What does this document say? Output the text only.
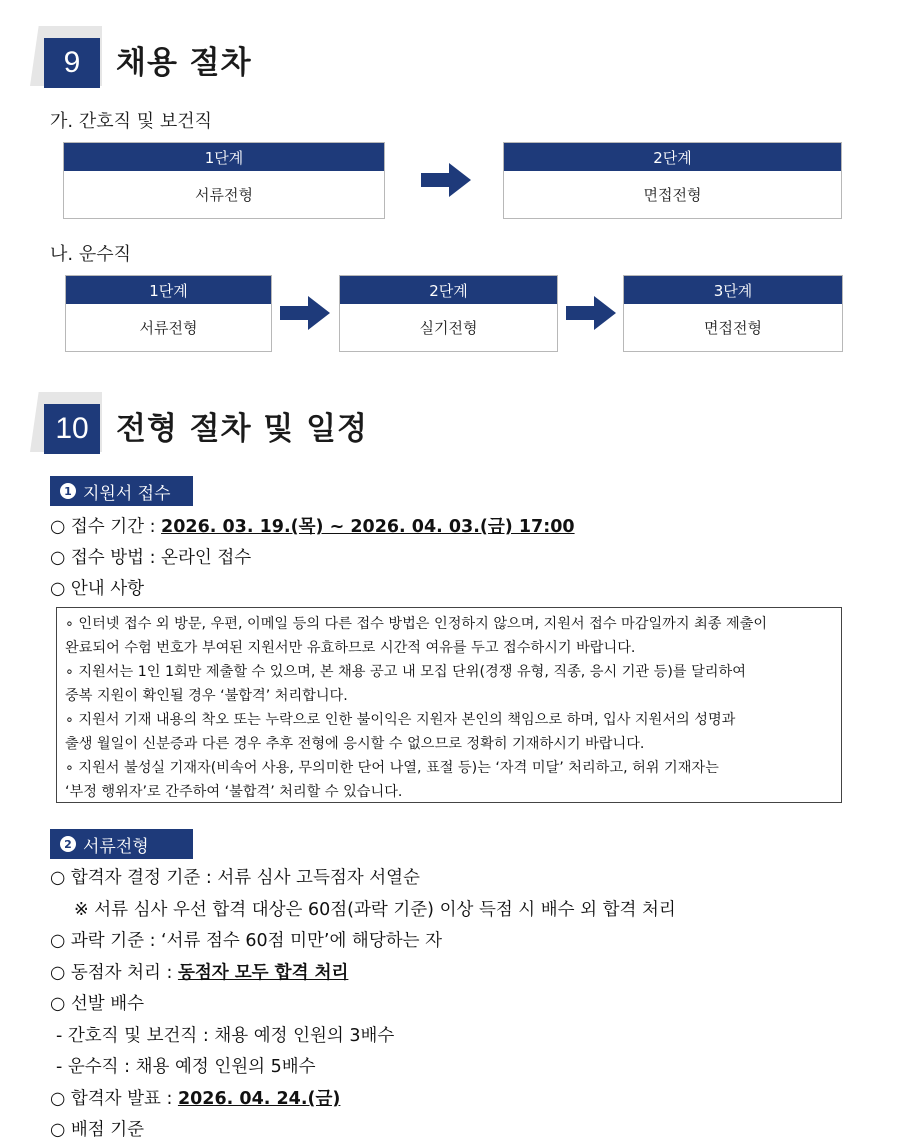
9	채용 절차
가. 간호직 및 보건직
1단계
서류전형
2단계
면접전형
나. 운수직
1단계
서류전형
2단계
실기전형
3단계
면접전형
10 전형 절차 및 일정
1 지원서 접수
○ 접수 기간 : 2026. 03. 19.(목) ~ 2026. 04. 03.(금) 17:00
○ 접수 방법 : 온라인 접수
○ 안내 사항
∘ 인터넷 접수 외 방문, 우편, 이메일 등의 다른 접수 방법은 인정하지 않으며, 지원서 접수 마감일까지 최종 제출이
완료되어 수험 번호가 부여된 지원서만 유효하므로 시간적 여유를 두고 접수하시기 바랍니다.
∘ 지원서는 1인 1회만 제출할 수 있으며, 본 채용 공고 내 모집 단위(경쟁 유형, 직종, 응시 기관 등)를 달리하여
중복 지원이 확인될 경우 ‘불합격’ 처리합니다.
∘ 지원서 기재 내용의 착오 또는 누락으로 인한 불이익은 지원자 본인의 책임으로 하며, 입사 지원서의 성명과
출생 월일이 신분증과 다른 경우 추후 전형에 응시할 수 없으므로 정확히 기재하시기 바랍니다.
∘ 지원서 불성실 기재자(비속어 사용, 무의미한 단어 나열, 표절 등)는 ‘자격 미달’ 처리하고, 허위 기재자는
‘부정 행위자’로 간주하여 ‘불합격’ 처리할 수 있습니다.
2 서류전형
○ 합격자 결정 기준 : 서류 심사 고득점자 서열순
※ 서류 심사 우선 합격 대상은 60점(과락 기준) 이상 득점 시 배수 외 합격 처리
○ 과락 기준 : ‘서류 점수 60점 미만’에 해당하는 자
○ 동점자 처리 : 동점자 모두 합격 처리
○ 선발 배수
- 간호직 및 보건직 : 채용 예정 인원의 3배수
- 운수직 : 채용 예정 인원의 5배수
○ 합격자 발표 : 2026. 04. 24.(금)
○ 배점 기준
